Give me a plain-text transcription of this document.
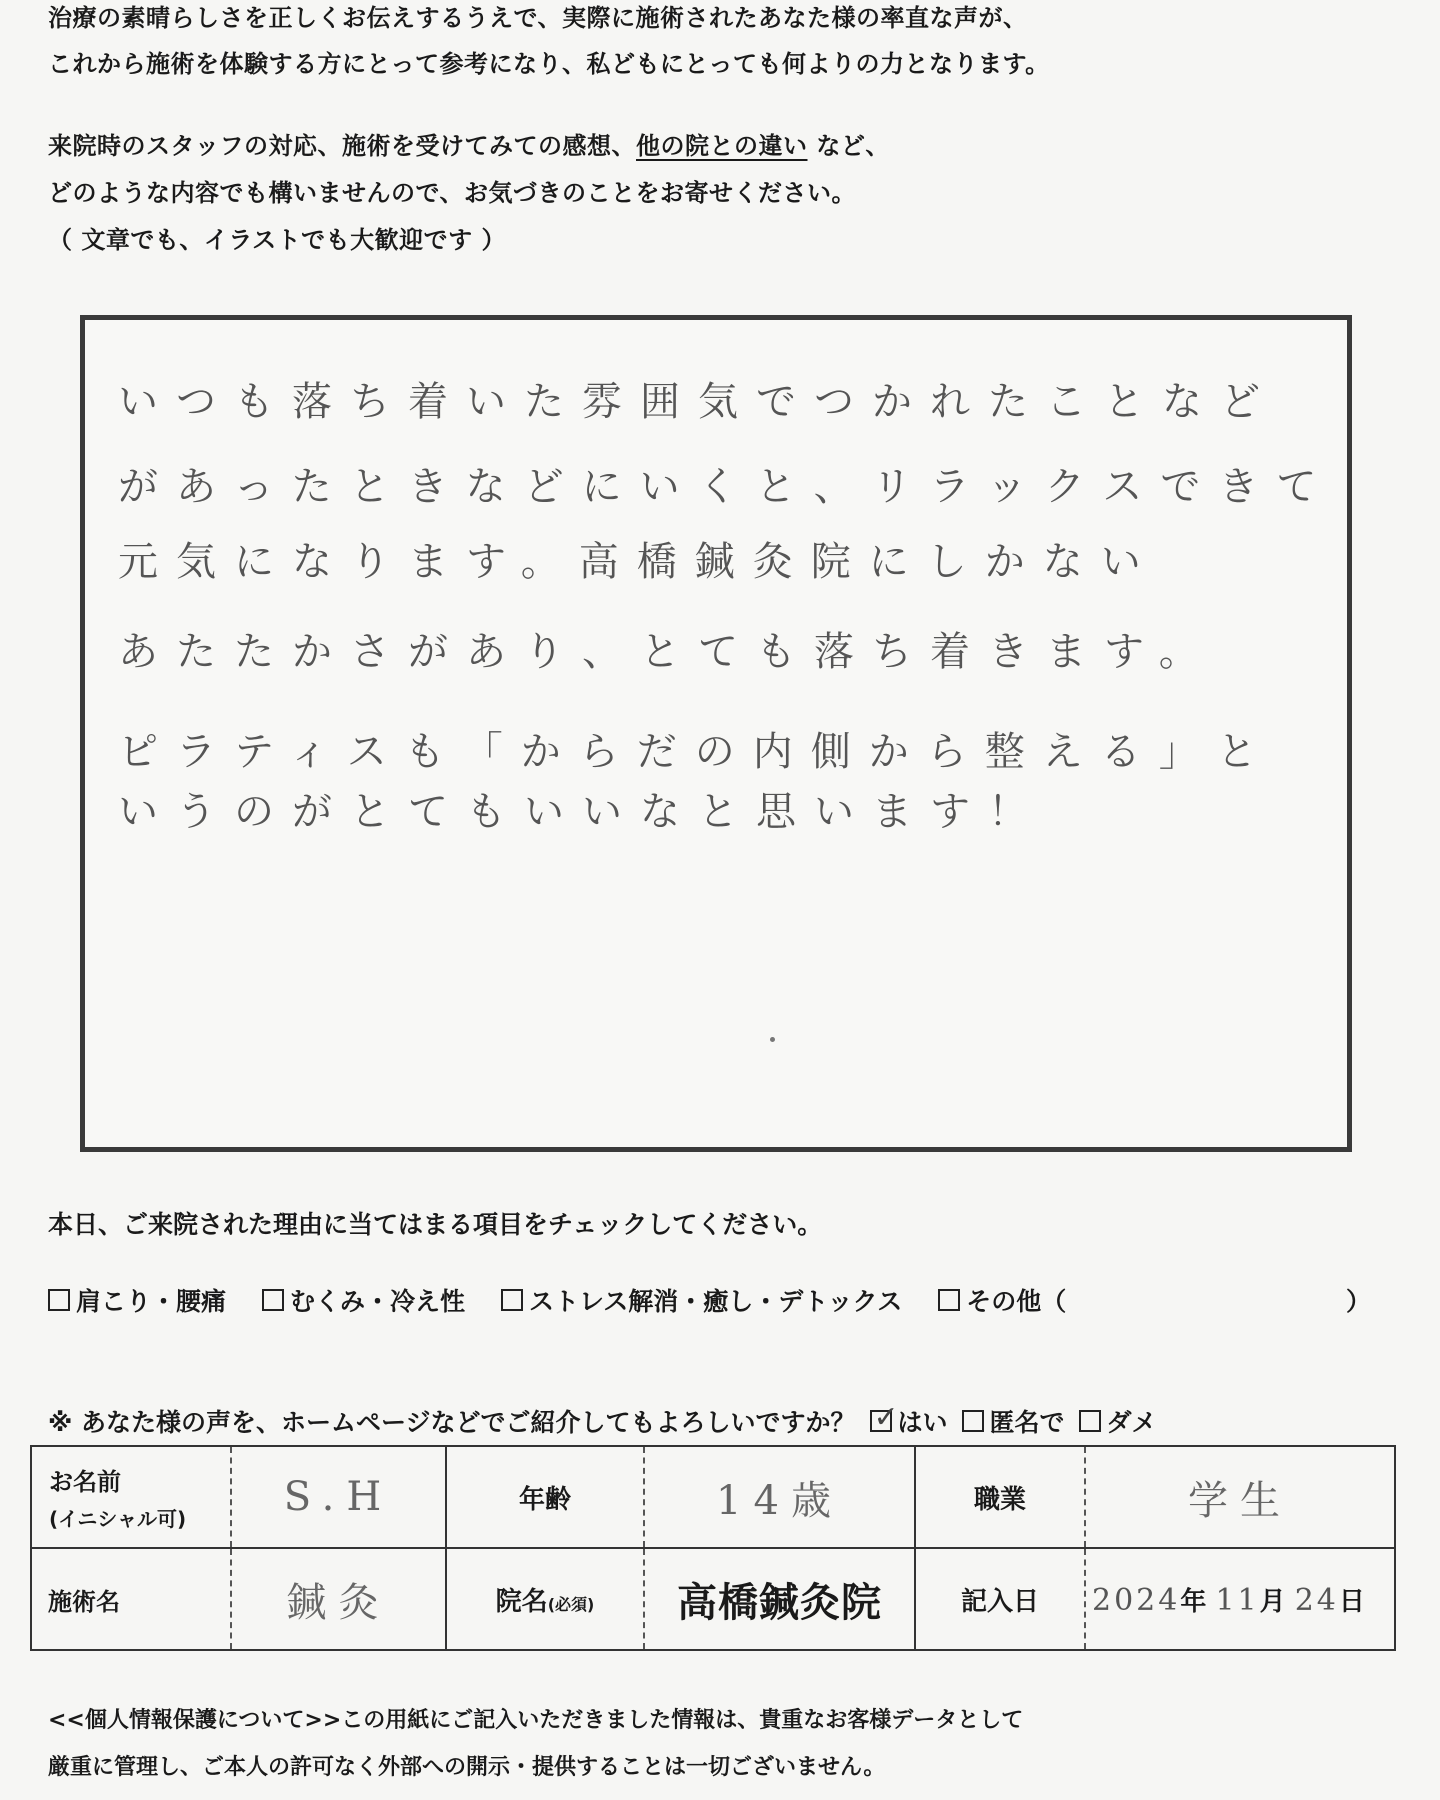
治療の素晴らしさを正しくお伝えするうえで、実際に施術されたあなた様の率直な声が、
これから施術を体験する方にとって参考になり、私どもにとっても何よりの力となります。
来院時のスタッフの対応、施術を受けてみての感想、他の院との違い など、
どのような内容でも構いませんので、お気づきのことをお寄せください。
（ 文章でも、イラストでも大歓迎です ）
いつも落ち着いた雰囲気でつかれたことなど
があったときなどにいくと、リラックスできて
元気になります。高橋鍼灸院にしかない
あたたかさがあり、とても落ち着きます。
ピラティスも「からだの内側から整える」と
いうのがとてもいいなと思います！
本日、ご来院された理由に当てはまる項目をチェックしてください。
肩こり・腰痛	むくみ・冷え性	ストレス解消・癒し・デトックス	その他（	）
※ あなた様の声を、ホームページなどでご紹介してもよろしいですか？ ✓
はい 匿名で ダメ
お名前
(イニシャル可)	S.H	年齢	14歳	職業	学生
施術名	鍼灸	院名(必須)	高橋鍼灸院	記入日	2024年 11月 24日
<<個人情報保護について>>この用紙にご記入いただきました情報は、貴重なお客様データとして
厳重に管理し、ご本人の許可なく外部への開示・提供することは一切ございません。
